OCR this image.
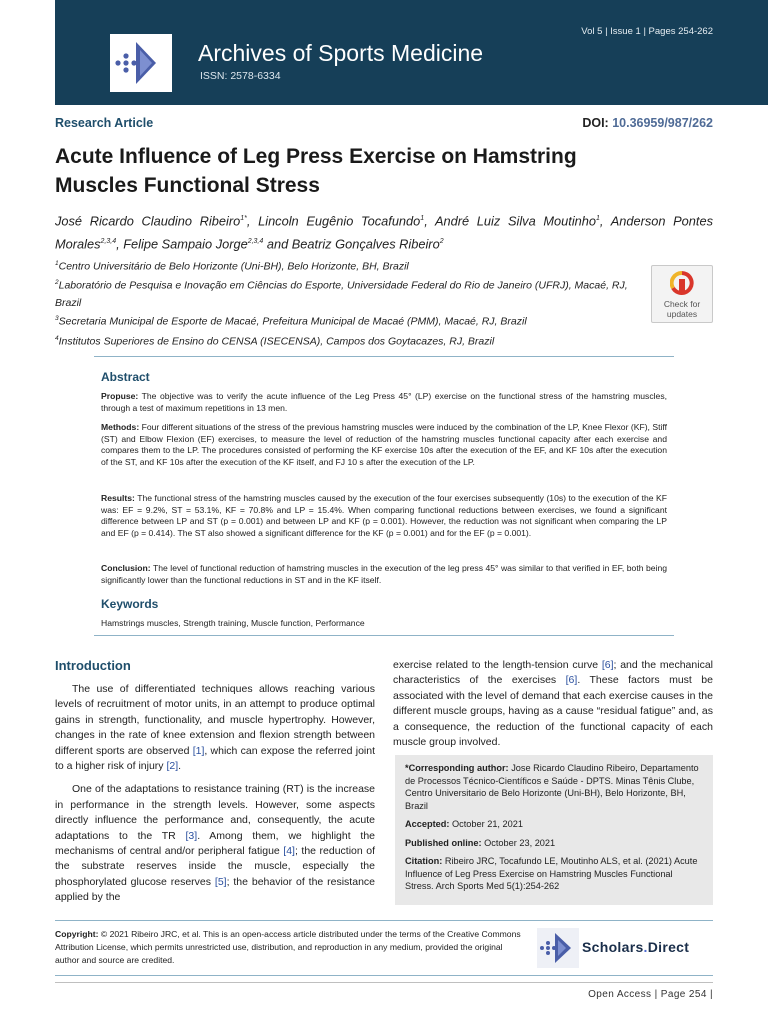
Vol 5 | Issue 1 | Pages 254-262
Archives of Sports Medicine
ISSN: 2578-6334
Research Article	DOI: 10.36959/987/262
Acute Influence of Leg Press Exercise on Hamstring
Muscles Functional Stress
José Ricardo Claudino Ribeiro$^{1*}$, Lincoln Eugênio Tocafundo$^1$, André Luiz Silva Moutinho$^1$, Anderson Pontes Morales$^{2,3,4}$, Felipe Sampaio Jorge$^{2,3,4}$ and Beatriz Gonçalves Ribeiro$^2$
$^1$Centro Universitário de Belo Horizonte (Uni-BH), Belo Horizonte, BH, Brazil
$^2$Laboratório de Pesquisa e Inovação em Ciências do Esporte, Universidade Federal do Rio de Janeiro (UFRJ), Macaé, RJ, Brazil
$^3$Secretaria Municipal de Esporte de Macaé, Prefeitura Municipal de Macaé (PMM), Macaé, RJ, Brazil
$^4$Institutos Superiores de Ensino do CENSA (ISECENSA), Campos dos Goytacazes, RJ, Brazil
Check for
updates
Abstract
Propuse: The objective was to verify the acute influence of the Leg Press 45° (LP) exercise on the functional stress of the hamstring muscles, through a test of maximum repetitions in 13 men.
Methods: Four different situations of the stress of the previous hamstring muscles were induced by the combination of the LP, Knee Flexor (KF), Stiff (ST) and Elbow Flexion (EF) exercises, to measure the level of reduction of the hamstring muscles functional capacity after each exercise and compares them to the LP. The procedures consisted of performing the KF exercise 10s after the execution of the EF, and KF 10s after the execution of the ST, and KF 10s after the execution of the KF itself, and FJ 10 s after the execution of the LP.
Results: The functional stress of the hamstring muscles caused by the execution of the four exercises subsequently (10s) to the execution of the KF was: EF = 9.2%, ST = 53.1%, KF = 70.8% and LP = 15.4%. When comparing functional reductions between exercises, we found a significant difference between LP and ST (p = 0.001) and between LP and KF (p = 0.001). However, the reduction was not significant when comparing the LP and EF (p = 0.414). The ST also showed a significant difference for the KF (p = 0.001) and for the EF (p = 0.001).
Conclusion: The level of functional reduction of hamstring muscles in the execution of the leg press 45° was similar to that verified in EF, both being significantly lower than the functional reductions in ST and in the KF itself.
Keywords
Hamstrings muscles, Strength training, Muscle function, Performance
Introduction
The use of differentiated techniques allows reaching various levels of recruitment of motor units, in an attempt to produce optimal gains in strength, functionality, and muscle hypertrophy. However, changes in the rate of knee extension and flexion strength between different sports are observed [1], which can expose the referred joint to a higher risk of injury [2].
One of the adaptations to resistance training (RT) is the increase in performance in the strength levels. However, some aspects directly influence the performance and, consequently, the acute adaptations to the TR [3]. Among them, we highlight the mechanisms of central and/or peripheral fatigue [4]; the reduction of the substrate reserves inside the muscle, especially the phosphorylated glucose reserves [5]; the behavior of the resistance applied by the
exercise related to the length-tension curve [6]; and the mechanical characteristics of the exercises [6]. These factors must be associated with the level of demand that each exercise causes in the different muscle groups, having as a cause “residual fatigue” and, as a consequence, the reduction of the functional capacity of each muscle group involved.
*Corresponding author: Jose Ricardo Claudino Ribeiro, Departamento de Processos Técnico-Científicos e Saúde - DPTS. Minas Tênis Clube, Centro Universitario de Belo Horizonte (Uni-BH), Belo Horizonte, BH, Brazil
Accepted: October 21, 2021
Published online: October 23, 2021
Citation: Ribeiro JRC, Tocafundo LE, Moutinho ALS, et al. (2021) Acute Influence of Leg Press Exercise on Hamstring Muscles Functional Stress. Arch Sports Med 5(1):254-262
Copyright: © 2021 Ribeiro JRC, et al. This is an open-access article distributed under the terms of the Creative Commons Attribution License, which permits unrestricted use, distribution, and reproduction in any medium, provided the original author and source are credited.
Scholars.Direct
Open Access | Page 254 |
